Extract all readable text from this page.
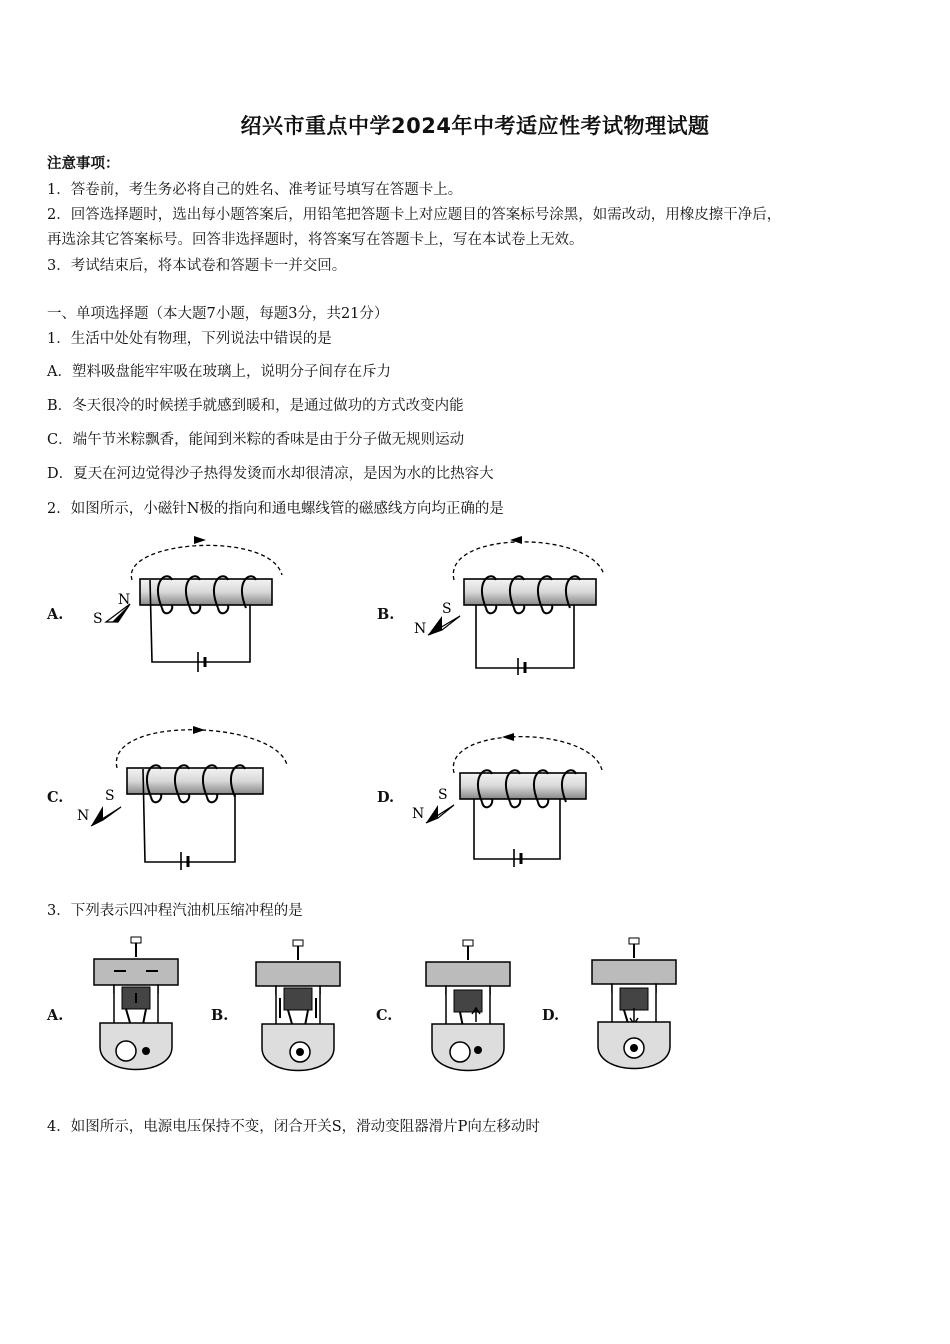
绍兴市重点中学2024年中考适应性考试物理试题
注意事项：
1．答卷前，考生务必将自己的姓名、准考证号填写在答题卡上。
2．回答选择题时，选出每小题答案后，用铅笔把答题卡上对应题目的答案标号涂黑，如需改动，用橡皮擦干净后，
再选涂其它答案标号。回答非选择题时，将答案写在答题卡上，写在本试卷上无效。
3．考试结束后，将本试卷和答题卡一并交回。
一、单项选择题（本大题7小题，每题3分，共21分）
1．生活中处处有物理，下列说法中错误的是
A．塑料吸盘能牢牢吸在玻璃上，说明分子间存在斥力
B．冬天很冷的时候搓手就感到暖和，是通过做功的方式改变内能
C．端午节米粽飘香，能闻到米粽的香味是由于分子做无规则运动
D．夏天在河边觉得沙子热得发烫而水却很清凉，是因为水的比热容大
2．如图所示，小磁针N极的指向和通电螺线管的磁感线方向均正确的是
A.	B.
C.	D.
N
S
N
S
N
S
N
S
3．下列表示四冲程汽油机压缩冲程的是
A.	B.	C.	D.
4．如图所示，电源电压保持不变，闭合开关S，滑动变阻器滑片P向左移动时
